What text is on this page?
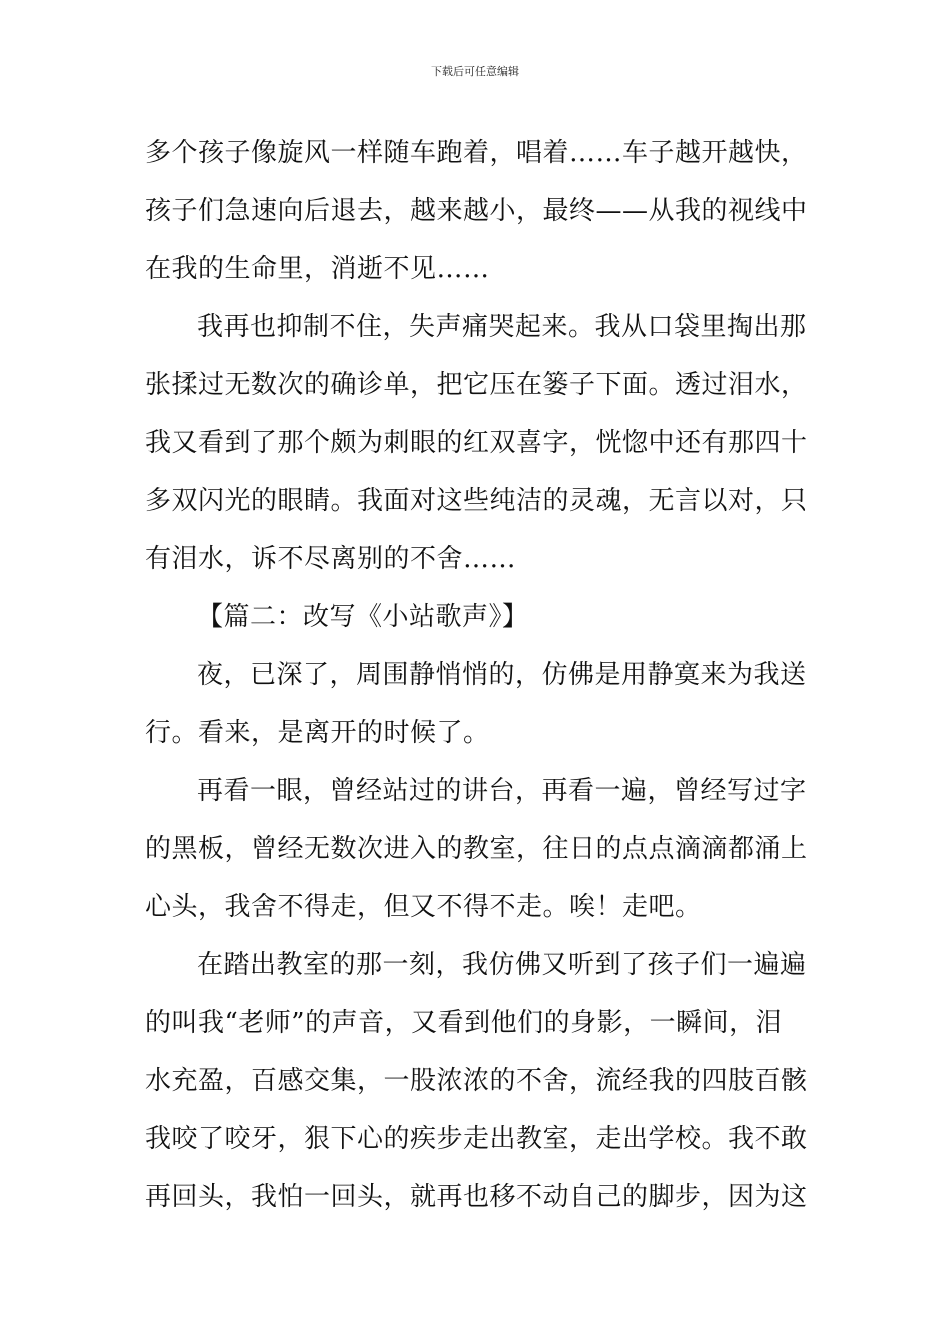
下载后可任意编辑
多个孩子像旋风一样随车跑着，唱着……车子越开越快，
孩子们急速向后退去，越来越小，最终——从我的视线中
在我的生命里，消逝不见……
我再也抑制不住，失声痛哭起来。我从口袋里掏出那
张揉过无数次的确诊单，把它压在篓子下面。透过泪水，
我又看到了那个颇为刺眼的红双喜字，恍惚中还有那四十
多双闪光的眼睛。我面对这些纯洁的灵魂，无言以对，只
有泪水，诉不尽离别的不舍……
【篇二：改写《小站歌声》】
夜，已深了，周围静悄悄的，仿佛是用静寞来为我送
行。看来，是离开的时候了。
再看一眼，曾经站过的讲台，再看一遍，曾经写过字
的黑板，曾经无数次进入的教室，往日的点点滴滴都涌上
心头，我舍不得走，但又不得不走。唉！走吧。
在踏出教室的那一刻，我仿佛又听到了孩子们一遍遍
的叫我“老师”的声音，又看到他们的身影，一瞬间，泪
水充盈，百感交集，一股浓浓的不舍，流经我的四肢百骸
我咬了咬牙，狠下心的疾步走出教室，走出学校。我不敢
再回头，我怕一回头，就再也移不动自己的脚步，因为这
